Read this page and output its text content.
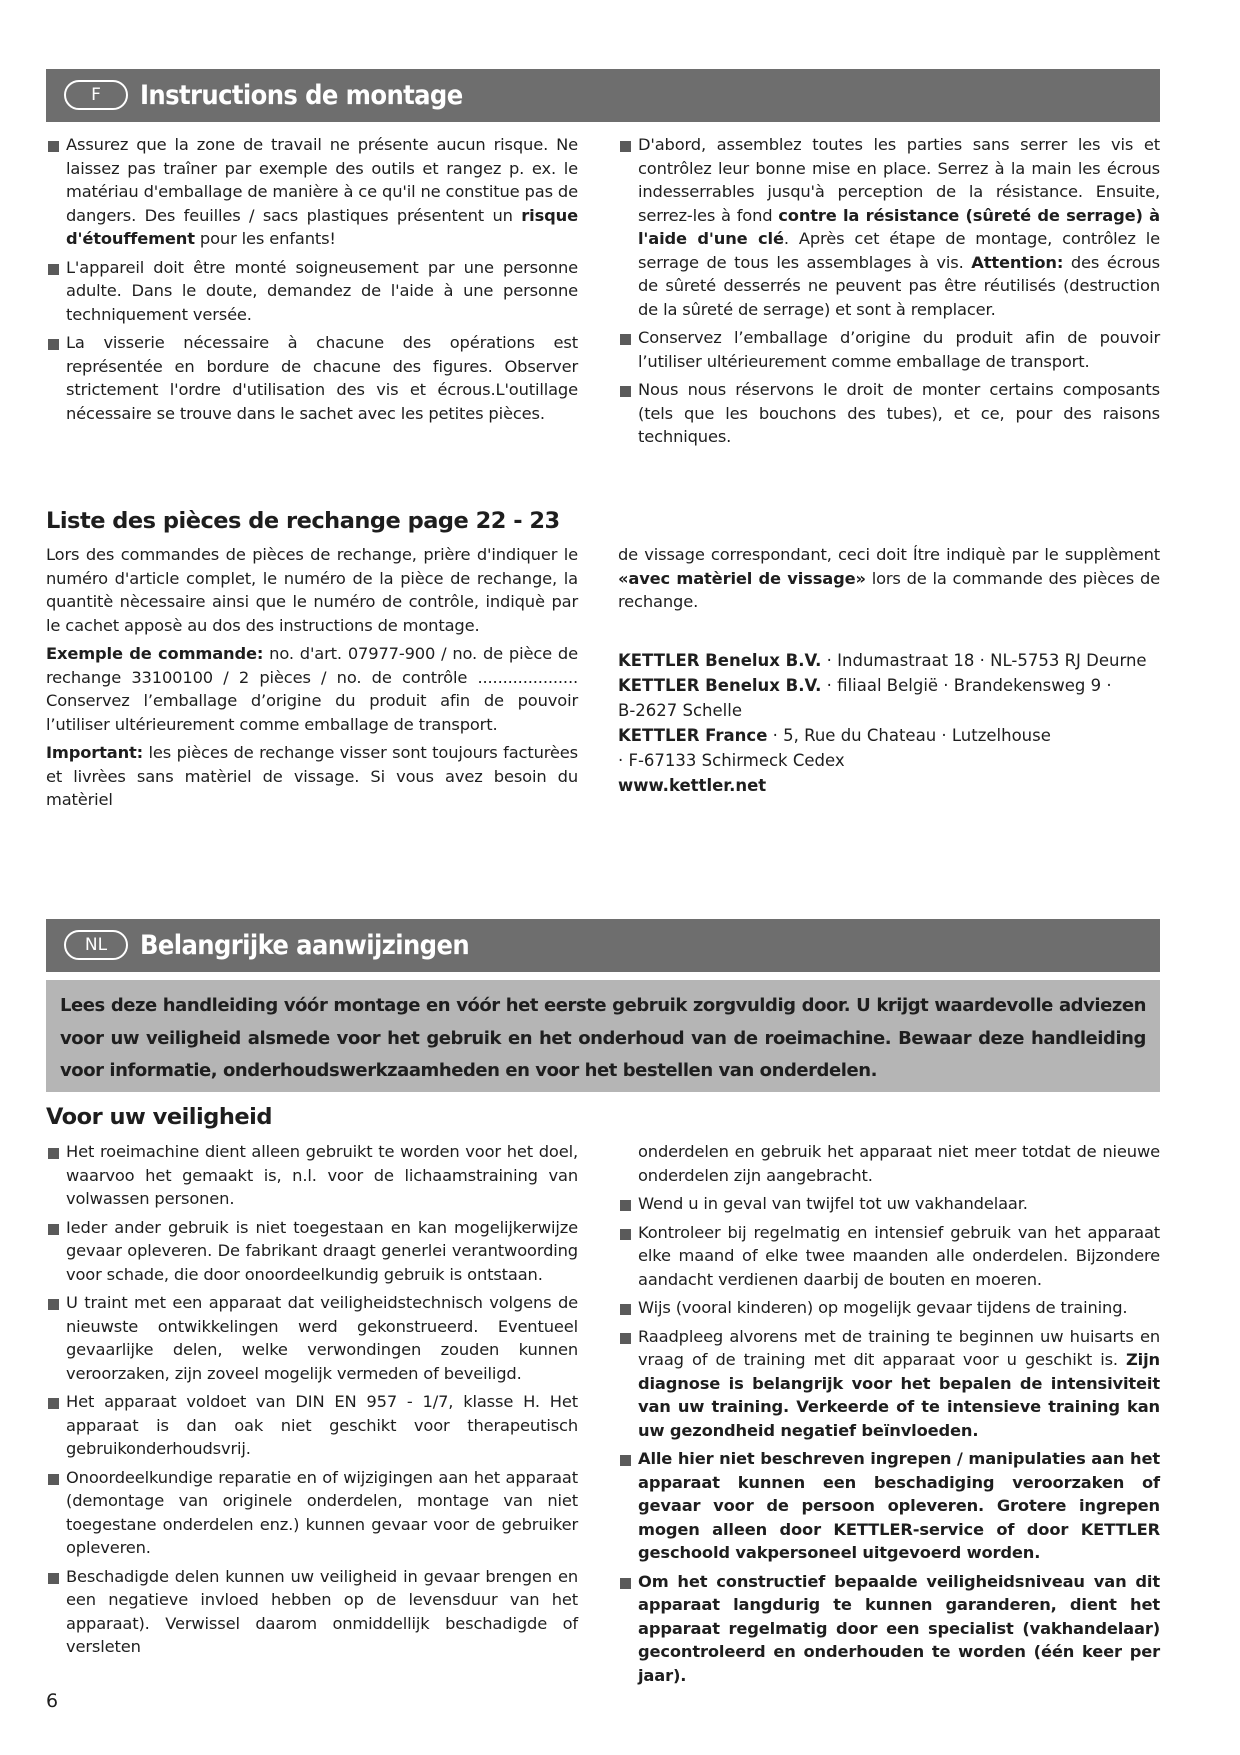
F	Instructions de montage
Assurez que la zone de travail ne présente aucun risque. Ne laissez pas traîner par exemple des outils et rangez p. ex. le matériau d'emballage de manière à ce qu'il ne constitue pas de dangers. Des feuilles / sacs plastiques présentent un risque d'étouffement pour les enfants!
L'appareil doit être monté soigneusement par une personne adulte. Dans le doute, demandez de l'aide à une personne techniquement versée.
La visserie nécessaire à chacune des opérations est représentée en bordure de chacune des figures. Observer strictement l'ordre d'utilisation des vis et écrous.L'outillage nécessaire se trouve dans le sachet avec les petites pièces.
D'abord, assemblez toutes les parties sans serrer les vis et contrôlez leur bonne mise en place. Serrez à la main les écrous indesserrables jusqu'à perception de la résistance. Ensuite, serrez-les à fond contre la résistance (sûreté de serrage) à l'aide d'une clé. Après cet étape de montage, contrôlez le serrage de tous les assemblages à vis. Attention: des écrous de sûreté desserrés ne peuvent pas être réutilisés (destruction de la sûreté de serrage) et sont à remplacer.
Conservez l’emballage d’origine du produit afin de pouvoir l’utiliser ultérieurement comme emballage de transport.
Nous nous réservons le droit de monter certains composants (tels que les bouchons des tubes), et ce, pour des raisons techniques.
Liste des pièces de rechange page 22 - 23

Lors des commandes de pièces de rechange, prière d'indiquer le numéro d'article complet, le numéro de la pièce de rechange, la quantitè nècessaire ainsi que le numéro de contrôle, indiquè par le cachet apposè au dos des instructions de montage.

Exemple de commande: no. d'art. 07977-900 / no. de pièce de rechange 33100100 / 2 pièces / no. de contrôle .................... Conservez l’emballage d’origine du produit afin de pouvoir l’utiliser ultérieurement comme emballage de transport.

Important: les pièces de rechange visser sont toujours facturèes et livrèes sans matèriel de vissage. Si vous avez besoin du matèriel

de vissage correspondant, ceci doit Ítre indiquè par le supplèment «avec matèriel de vissage» lors de la commande des pièces de rechange.

KETTLER Benelux B.V. · Indumastraat 18 · NL-5753 RJ Deurne

KETTLER Benelux B.V. · filiaal België · Brandekensweg 9 · B-2627 Schelle

KETTLER France · 5, Rue du Chateau · Lutzelhouse · F-67133 Schirmeck Cedex

www.kettler.net

NL	Belangrijke aanwijzingen

Lees deze handleiding vóór montage en vóór het eerste gebruik zorgvuldig door. U krijgt waardevolle adviezen voor uw veiligheid alsmede voor het gebruik en het onderhoud van de roeimachine. Bewaar deze handleiding voor informatie, onderhoudswerkzaamheden en voor het bestellen van onderdelen.

Voor uw veiligheid
Het roeimachine dient alleen gebruikt te worden voor het doel, waarvoo het gemaakt is, n.l. voor de lichaamstraining van volwassen personen.
Ieder ander gebruik is niet toegestaan en kan mogelijkerwijze gevaar opleveren. De fabrikant draagt generlei verantwoording voor schade, die door onoordeelkundig gebruik is ontstaan.
U traint met een apparaat dat veiligheidstechnisch volgens de nieuwste ontwikkelingen werd gekonstrueerd. Eventueel gevaarlijke delen, welke verwondingen zouden kunnen veroorzaken, zijn zoveel mogelijk vermeden of beveiligd.
Het apparaat voldoet van DIN EN 957 - 1/7, klasse H. Het apparaat is dan oak niet geschikt voor therapeutisch gebruikonderhoudsvrij.
Onoordeelkundige reparatie en of wijzigingen aan het apparaat (demontage van originele onderdelen, montage van niet toegestane onderdelen enz.) kunnen gevaar voor de gebruiker opleveren.
Beschadigde delen kunnen uw veiligheid in gevaar brengen en een negatieve invloed hebben op de levensduur van het apparaat). Verwissel daarom onmiddellijk beschadigde of versleten
onderdelen en gebruik het apparaat niet meer totdat de nieuwe onderdelen zijn aangebracht.
Wend u in geval van twijfel tot uw vakhandelaar.
Kontroleer bij regelmatig en intensief gebruik van het apparaat elke maand of elke twee maanden alle onderdelen. Bijzondere aandacht verdienen daarbij de bouten en moeren.
Wijs (vooral kinderen) op mogelijk gevaar tijdens de training.
Raadpleeg alvorens met de training te beginnen uw huisarts en vraag of de training met dit apparaat voor u geschikt is. Zijn diagnose is belangrijk voor het bepalen de intensiviteit van uw training. Verkeerde of te intensieve training kan uw gezondheid negatief beïnvloeden.
Alle hier niet beschreven ingrepen / manipulaties aan het apparaat kunnen een beschadiging veroorzaken of gevaar voor de persoon opleveren. Grotere ingrepen mogen alleen door KETTLER-service of door KETTLER geschoold vakpersoneel uitgevoerd worden.
Om het constructief bepaalde veiligheidsniveau van dit apparaat langdurig te kunnen garanderen, dient het apparaat regelmatig door een specialist (vakhandelaar) gecontroleerd en onderhouden te worden (één keer per jaar).
6
